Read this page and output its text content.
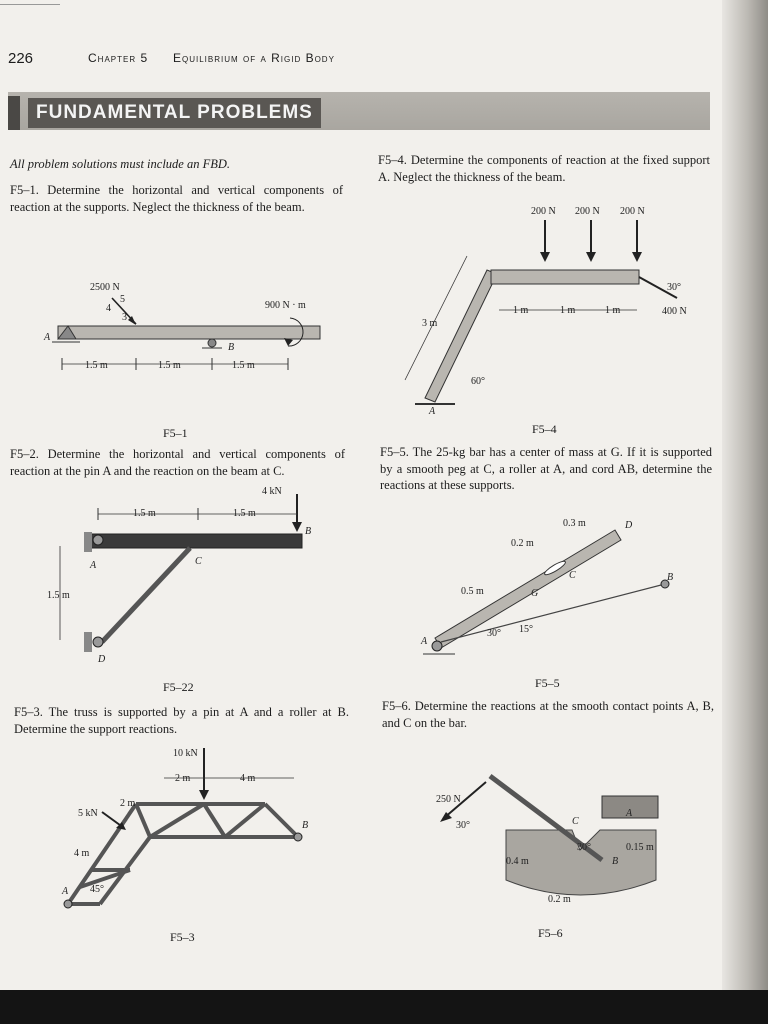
226	Chapter 5 Equilibrium of a Rigid Body
FUNDAMENTAL PROBLEMS
All problem solutions must include an FBD.
F5–1. Determine the horizontal and vertical components of reaction at the supports. Neglect the thickness of the beam.
2500 N
5
4
3
900 N · m
A
B
1.5 m	1.5 m	1.5 m
F5–1
F5–2. Determine the horizontal and vertical components of reaction at the pin A and the reaction on the beam at C.
4 kN
1.5 m	1.5 m
1.5 m
A
B
C
D
F5–22
F5–3. The truss is supported by a pin at A and a roller at B. Determine the support reactions.
10 kN
5 kN
2 m	4 m
2 m
4 m
45°
A
B
F5–3
F5–4. Determine the components of reaction at the fixed support A. Neglect the thickness of the beam.
200 N 200 N 200 N
400 N
30°
1 m	1 m	1 m
3 m
60°
A
F5–4
F5–5. The 25-kg bar has a center of mass at G. If it is supported by a smooth peg at C, a roller at A, and cord AB, determine the reactions at these supports.
0.3 m
0.2 m
0.5 m
30° 15°
A
B
C
D
G
F5–5
F5–6. Determine the reactions at the smooth contact points A, B, and C on the bar.
250 N
30°
30°	0.15 m
0.4 m
0.2 m
A
B
C
F5–6
